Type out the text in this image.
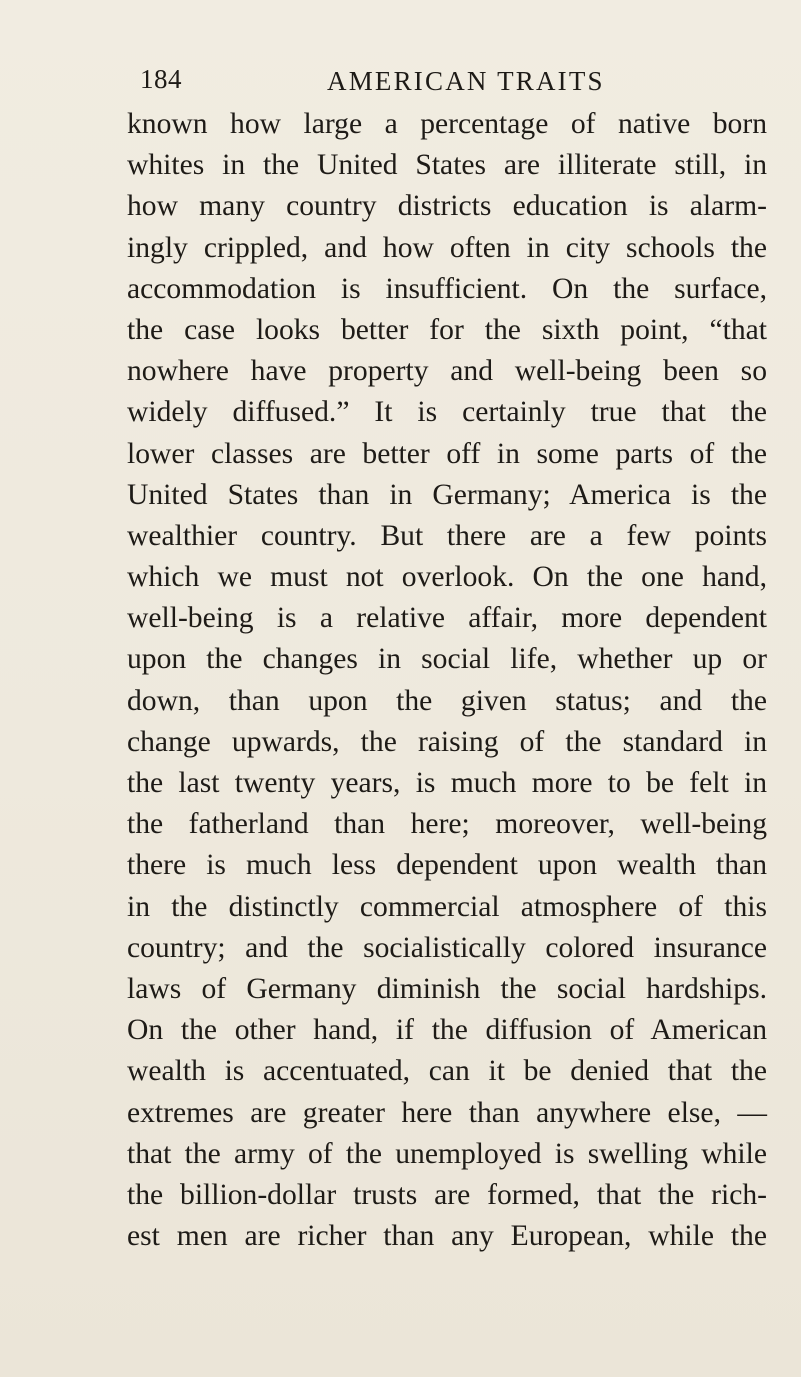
184	AMERICAN TRAITS
known how large a percentage of native born
whites in the United States are illiterate still, in
how many country districts education is alarm-
ingly crippled, and how often in city schools the
accommodation is insufficient. On the surface,
the case looks better for the sixth point, “that
nowhere have property and well-being been so
widely diffused.” It is certainly true that the
lower classes are better off in some parts of the
United States than in Germany; America is the
wealthier country. But there are a few points
which we must not overlook. On the one hand,
well-being is a relative affair, more dependent
upon the changes in social life, whether up or
down, than upon the given status; and the
change upwards, the raising of the standard in
the last twenty years, is much more to be felt in
the fatherland than here; moreover, well-being
there is much less dependent upon wealth than
in the distinctly commercial atmosphere of this
country; and the socialistically colored insurance
laws of Germany diminish the social hardships.
On the other hand, if the diffusion of American
wealth is accentuated, can it be denied that the
extremes are greater here than anywhere else, —
that the army of the unemployed is swelling while
the billion-dollar trusts are formed, that the rich-
est men are richer than any European, while the
